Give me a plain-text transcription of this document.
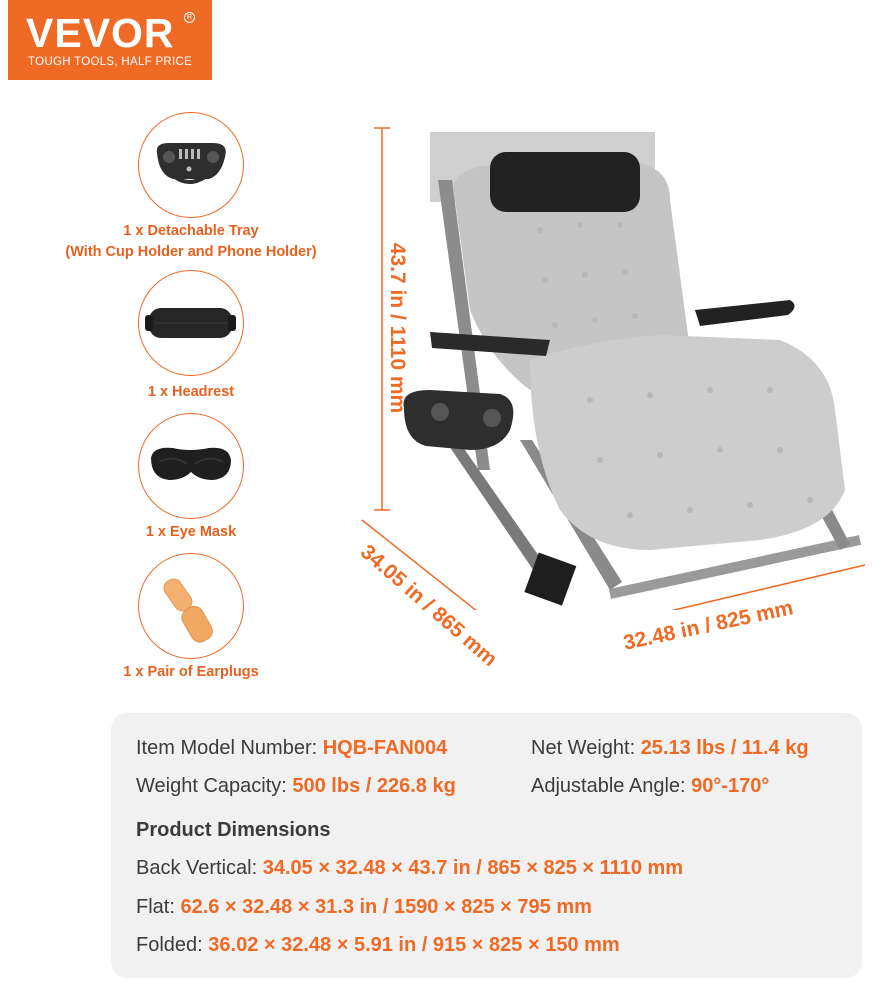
VEVOR	R
TOUGH TOOLS, HALF PRICE
1 x Detachable Tray
(With Cup Holder and Phone Holder)
1 x Headrest
1 x Eye Mask
1 x Pair of Earplugs
43.7 in / 1110 mm
34.05 in / 865 mm	32.48 in / 825 mm
Item Model Number: HQB-FAN004	Net Weight: 25.13 lbs / 11.4 kg
Weight Capacity: 500 lbs / 226.8 kg	Adjustable Angle: 90°-170°
Product Dimensions
Back Vertical: 34.05 × 32.48 × 43.7 in / 865 × 825 × 1110 mm
Flat: 62.6 × 32.48 × 31.3 in / 1590 × 825 × 795 mm
Folded: 36.02 × 32.48 × 5.91 in / 915 × 825 × 150 mm
